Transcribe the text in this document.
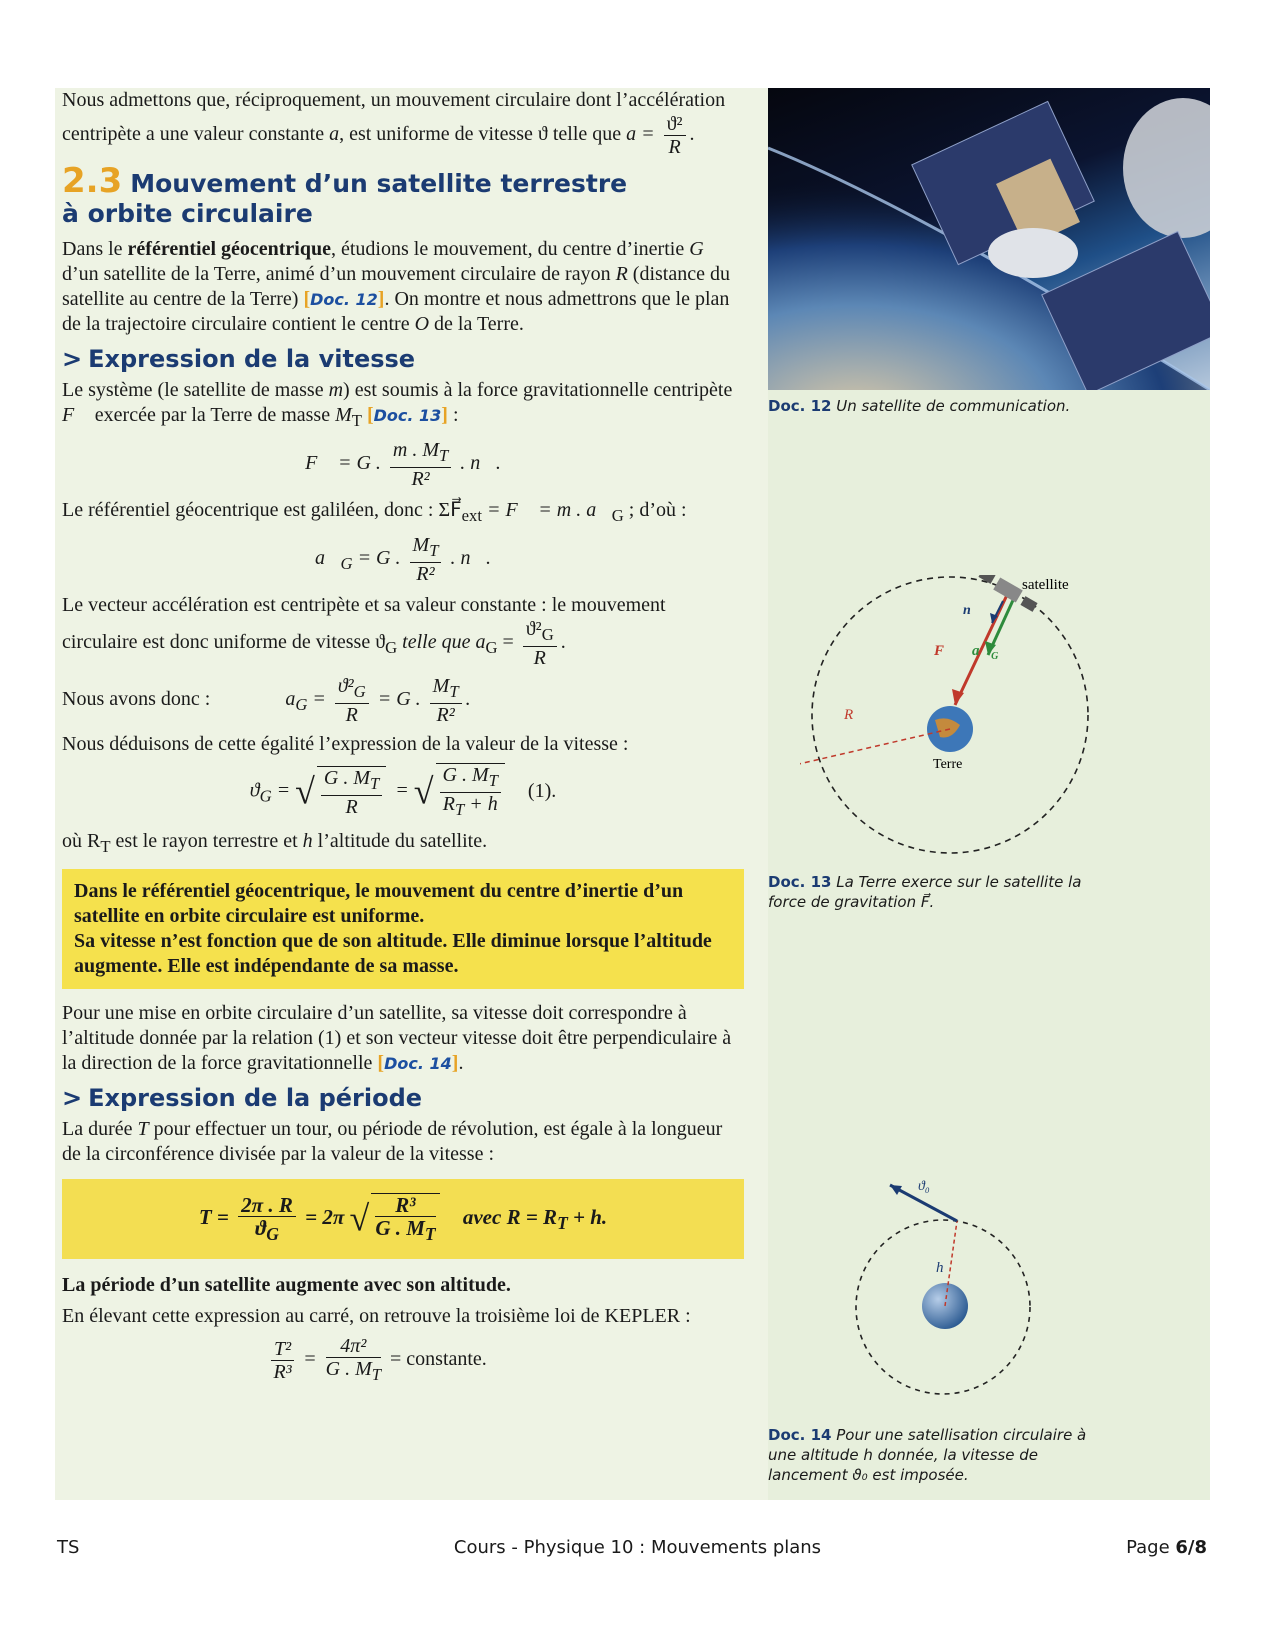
Nous admettons que, réciproquement, un mouvement circulaire dont l’accélération centripète a une valeur constante a, est uniforme de vitesse ϑ telle que $a = \frac{\text{ϑ²}}{R}$ .

2.3 Mouvement d’un satellite terrestre
à orbite circulaire

Dans le référentiel géocentrique, étudions le mouvement, du centre d’inertie G d’un satellite de la Terre, animé d’un mouvement circulaire de rayon R (distance du satellite au centre de la Terre) [Doc. 12]. On montre et nous admettrons que le plan de la trajectoire circulaire contient le centre O de la Terre.

> Expression de la vitesse

Le système (le satellite de masse m) est soumis à la force gravitationnelle centripète F⃗ exercée par la Terre de masse $M_T$ [Doc. 13] :

F⃗ = G . $\frac{m . M_T}{\text{R²}}$ . n⃗.

Le référentiel géocentrique est galiléen, donc : $\Sigma F⃗_{ext}$ = F⃗ = m . $a⃗_G$ ; d’où :

$a⃗_G = G$ . $\frac{M_T}{\text{R²}}$ . n⃗.

Le vecteur accélération est centripète et sa valeur constante : le mouvement circulaire est donc uniforme de vitesse $ϑ_G$ telle que $a_G = \frac{ϑ^2_G}{R}$ .

Nous avons donc :	$a_G = \frac{ϑ^2_G}{R} = G$ . $\frac{M_T}{\text{R²}}$ .

Nous déduisons de cette égalité l’expression de la valeur de la vitesse :

$ϑ_G$ = √ $\frac{G . M_T}{R}$ = √ $\frac{G . M_T}{R_T + h} (1)$.

où $R_T$ est le rayon terrestre et h l’altitude du satellite.

Dans le référentiel géocentrique, le mouvement du centre d’inertie d’un satellite en orbite circulaire est uniforme.
Sa vitesse n’est fonction que de son altitude. Elle diminue lorsque l’altitude augmente. Elle est indépendante de sa masse.

Pour une mise en orbite circulaire d’un satellite, sa vitesse doit correspondre à l’altitude donnée par la relation (1) et son vecteur vitesse doit être perpendiculaire à la direction de la force gravitationnelle [Doc. 14].

> Expression de la période

La durée T pour effectuer un tour, ou période de révolution, est égale à la longueur de la circonférence divisée par la valeur de la vitesse :

$T = \frac{2\pi . R}{ϑ_G} = 2\pi$ √ $\frac{\text{R³}}{G . M_T}$ avec $R = R_T + h$.

La période d’un satellite augmente avec son altitude.

En élevant cette expression au carré, on retrouve la troisième loi de KEPLER :

$\frac{\text{T²}}{\text{R³}} = \frac{\text{4π²}}{G . M_T}$ = constante.
Doc. 12 Un satellite de communication.
satellite
n⃗
F⃗ $a⃗_G$
R
Terre
Doc. 13 La Terre exerce sur le satellite la force de gravitation F⃗.
ϑ₀
h
Doc. 14 Pour une satellisation circulaire à une altitude h donnée, la vitesse de lancement ϑ₀ est imposée.
TS	Cours - Physique 10 : Mouvements plans	Page 6/8
